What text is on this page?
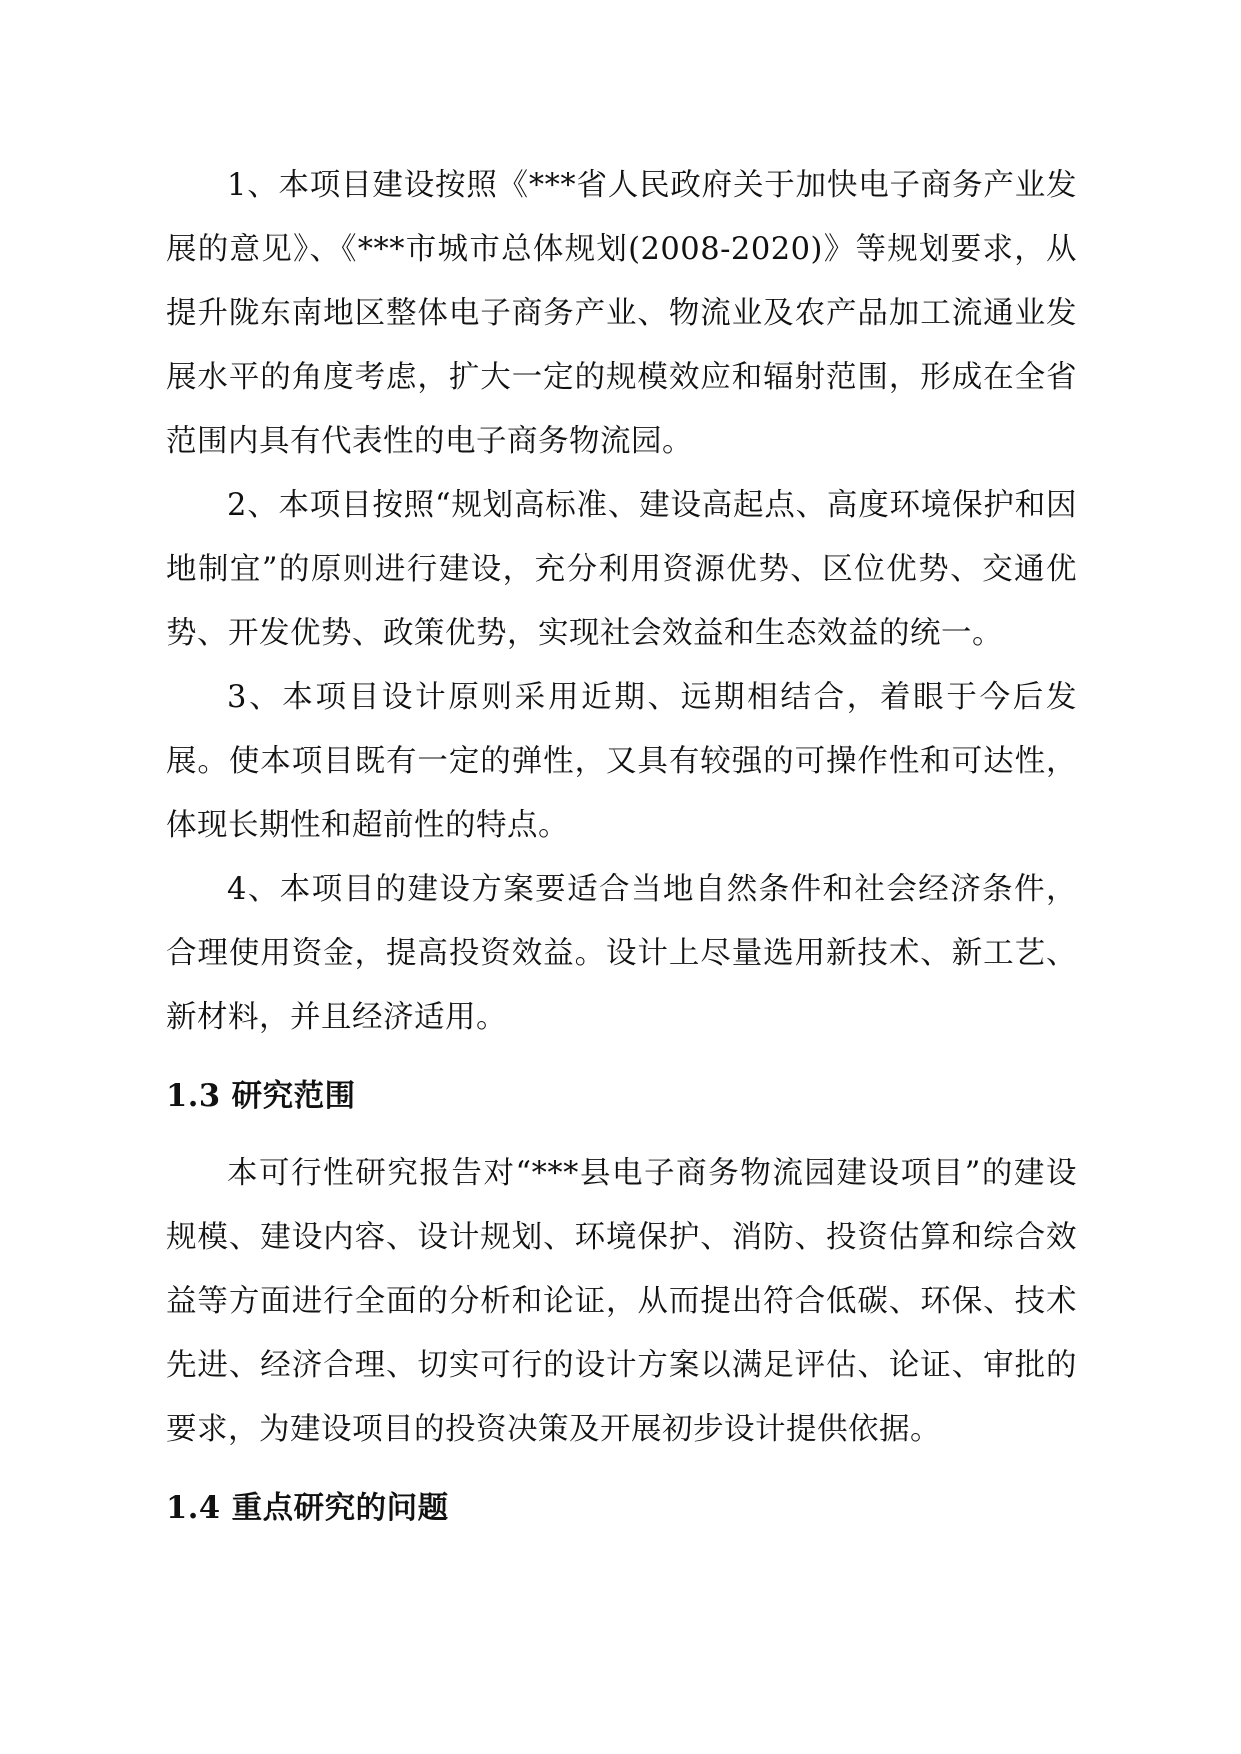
1、本项目建设按照《***省人民政府关于加快电子商务产业发展的意见》、《***市城市总体规划(2008-2020)》等规划要求，从提升陇东南地区整体电子商务产业、物流业及农产品加工流通业发展水平的角度考虑，扩大一定的规模效应和辐射范围，形成在全省范围内具有代表性的电子商务物流园。

2、本项目按照“规划高标准、建设高起点、高度环境保护和因地制宜”的原则进行建设，充分利用资源优势、区位优势、交通优势、开发优势、政策优势，实现社会效益和生态效益的统一。

3、本项目设计原则采用近期、远期相结合，着眼于今后发展。使本项目既有一定的弹性，又具有较强的可操作性和可达性，体现长期性和超前性的特点。

4、本项目的建设方案要适合当地自然条件和社会经济条件，合理使用资金，提高投资效益。设计上尽量选用新技术、新工艺、新材料，并且经济适用。

1.3 研究范围

本可行性研究报告对“***县电子商务物流园建设项目”的建设规模、建设内容、设计规划、环境保护、消防、投资估算和综合效益等方面进行全面的分析和论证，从而提出符合低碳、环保、技术先进、经济合理、切实可行的设计方案以满足评估、论证、审批的要求，为建设项目的投资决策及开展初步设计提供依据。

1.4 重点研究的问题
